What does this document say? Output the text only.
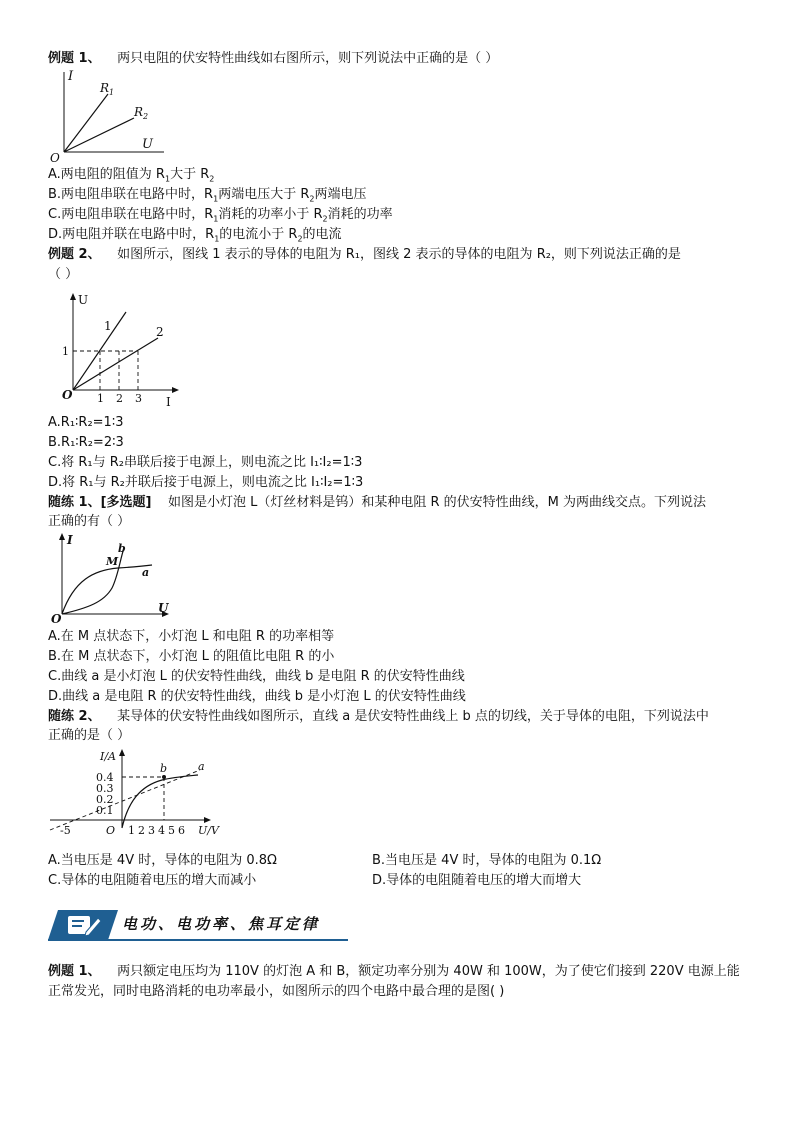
例题 1、 两只电阻的伏安特性曲线如右图所示，则下列说法中正确的是（ ）
I
U
O
$R_1$
$R_2$
A.两电阻的阻值为 $R_1$大于 $R_2$
B.两电阻串联在电路中时，$R_1$两端电压大于 $R_2$两端电压
C.两电阻串联在电路中时，$R_1$消耗的功率小于 $R_2$消耗的功率
D.两电阻并联在电路中时，$R_1$的电流小于 $R_2$的电流
例题 2、 如图所示，图线 1 表示的导体的电阻为 R₁，图线 2 表示的导体的电阻为 R₂，则下列说法正确的是
（ ）
U
I
O
1	2
1
1 2 3
A.R₁∶R₂=1∶3
B.R₁∶R₂=2∶3
C.将 R₁与 R₂串联后接于电源上，则电流之比 I₁∶I₂=1∶3
D.将 R₁与 R₂并联后接于电源上，则电流之比 I₁∶I₂=1∶3
随练 1、[多选题] 如图是小灯泡 L（灯丝材料是钨）和某种电阻 R 的伏安特性曲线，M 为两曲线交点。下列说法
正确的有（ ）
I
U
O
M
b
a
A.在 M 点状态下，小灯泡 L 和电阻 R 的功率相等
B.在 M 点状态下，小灯泡 L 的阻值比电阻 R 的小
C.曲线 a 是小灯泡 L 的伏安特性曲线，曲线 b 是电阻 R 的伏安特性曲线
D.曲线 a 是电阻 R 的伏安特性曲线，曲线 b 是小灯泡 L 的伏安特性曲线
随练 2、 某导体的伏安特性曲线如图所示，直线 a 是伏安特性曲线上 b 点的切线，关于导体的电阻，下列说法中
正确的是（ ）
I/A
U/V
O
-5
0.4
0.3
0.2
0.1
1 2 3 4 5 6
b	a
A.当电压是 4V 时，导体的电阻为 0.8Ω	B.当电压是 4V 时，导体的电阻为 0.1Ω
C.导体的电阻随着电压的增大而减小	D.导体的电阻随着电压的增大而增大
电功、电功率、焦耳定律
例题 1、 两只额定电压均为 110V 的灯泡 A 和 B，额定功率分别为 40W 和 100W，为了使它们接到 220V 电源上能
正常发光，同时电路消耗的电功率最小，如图所示的四个电路中最合理的是图( )
